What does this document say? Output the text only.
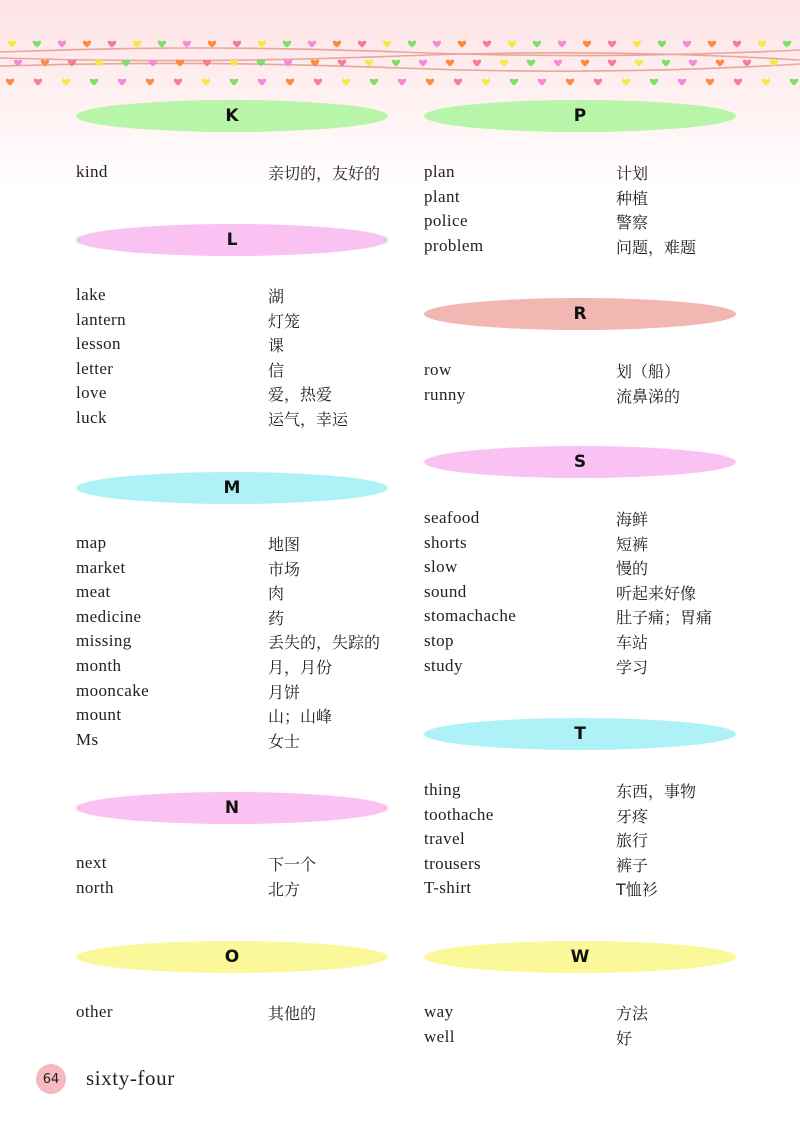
K
kind	亲切的，友好的
L
lake	湖
lantern	灯笼
lesson	课
letter	信
love	爱，热爱
luck	运气，幸运
M
map	地图
market	市场
meat	肉
medicine	药
missing	丢失的，失踪的
month	月，月份
mooncake	月饼
mount	山；山峰
Ms	女士
N
next	下一个
north	北方
O
other	其他的
P
plan	计划
plant	种植
police	警察
problem	问题，难题
R
row	划（船）
runny	流鼻涕的
S
seafood	海鲜
shorts	短裤
slow	慢的
sound	听起来好像
stomachache	肚子痛；胃痛
stop	车站
study	学习
T
thing	东西，事物
toothache	牙疼
travel	旅行
trousers	裤子
T-shirt	T恤衫
W
way	方法
well	好
64 sixty-four
